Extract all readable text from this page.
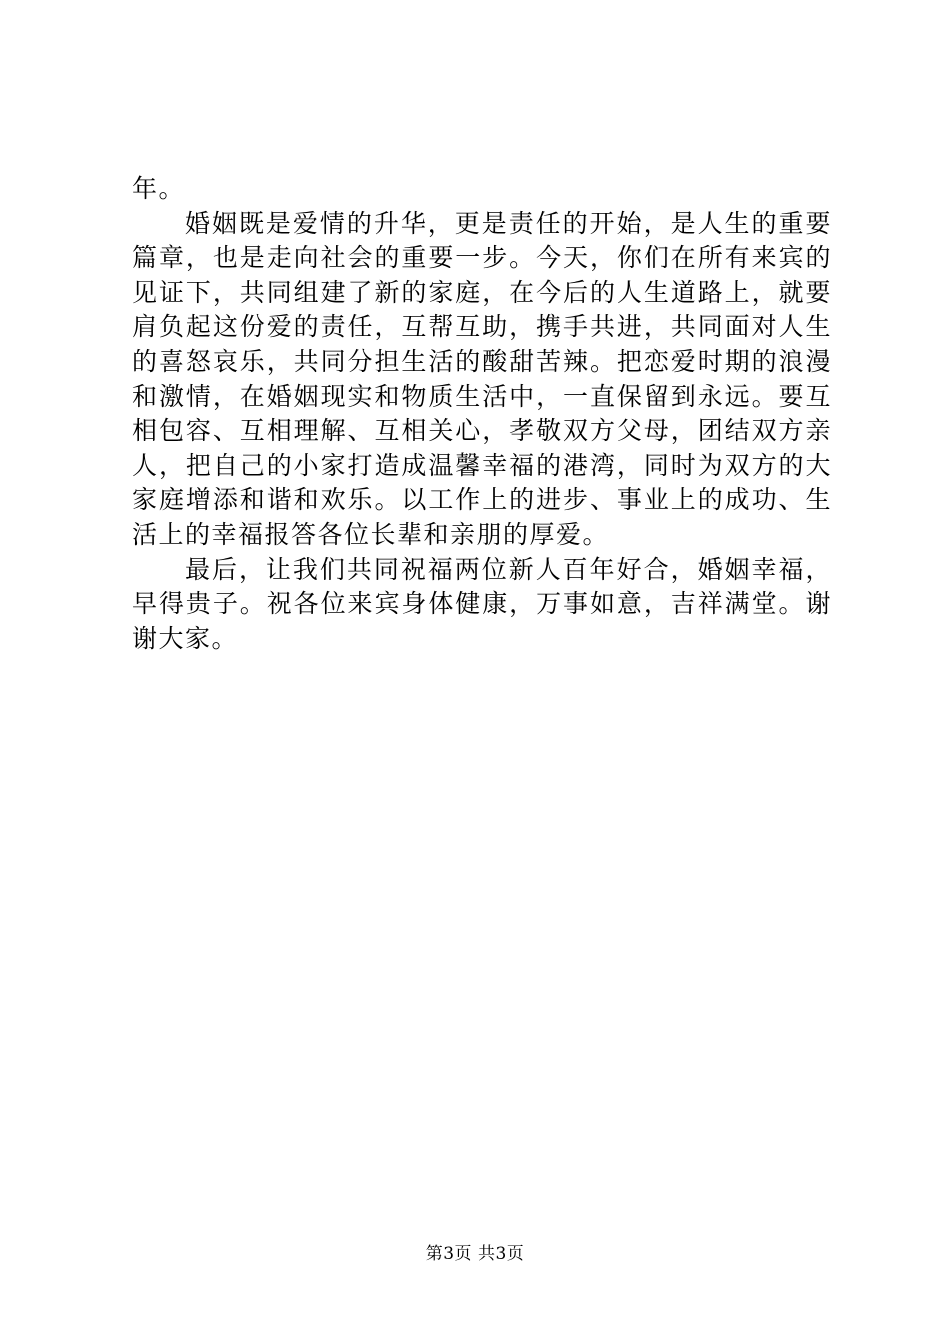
年。

婚姻既是爱情的升华，更是责任的开始，是人生的重要篇章，也是走向社会的重要一步。今天，你们在所有来宾的见证下，共同组建了新的家庭，在今后的人生道路上，就要肩负起这份爱的责任，互帮互助，携手共进，共同面对人生的喜怒哀乐，共同分担生活的酸甜苦辣。把恋爱时期的浪漫和激情，在婚姻现实和物质生活中，一直保留到永远。要互相包容、互相理解、互相关心，孝敬双方父母，团结双方亲人，把自己的小家打造成温馨幸福的港湾，同时为双方的大家庭增添和谐和欢乐。以工作上的进步、事业上的成功、生活上的幸福报答各位长辈和亲朋的厚爱。

最后，让我们共同祝福两位新人百年好合，婚姻幸福，早得贵子。祝各位来宾身体健康，万事如意，吉祥满堂。谢谢大家。

第3页 共3页
